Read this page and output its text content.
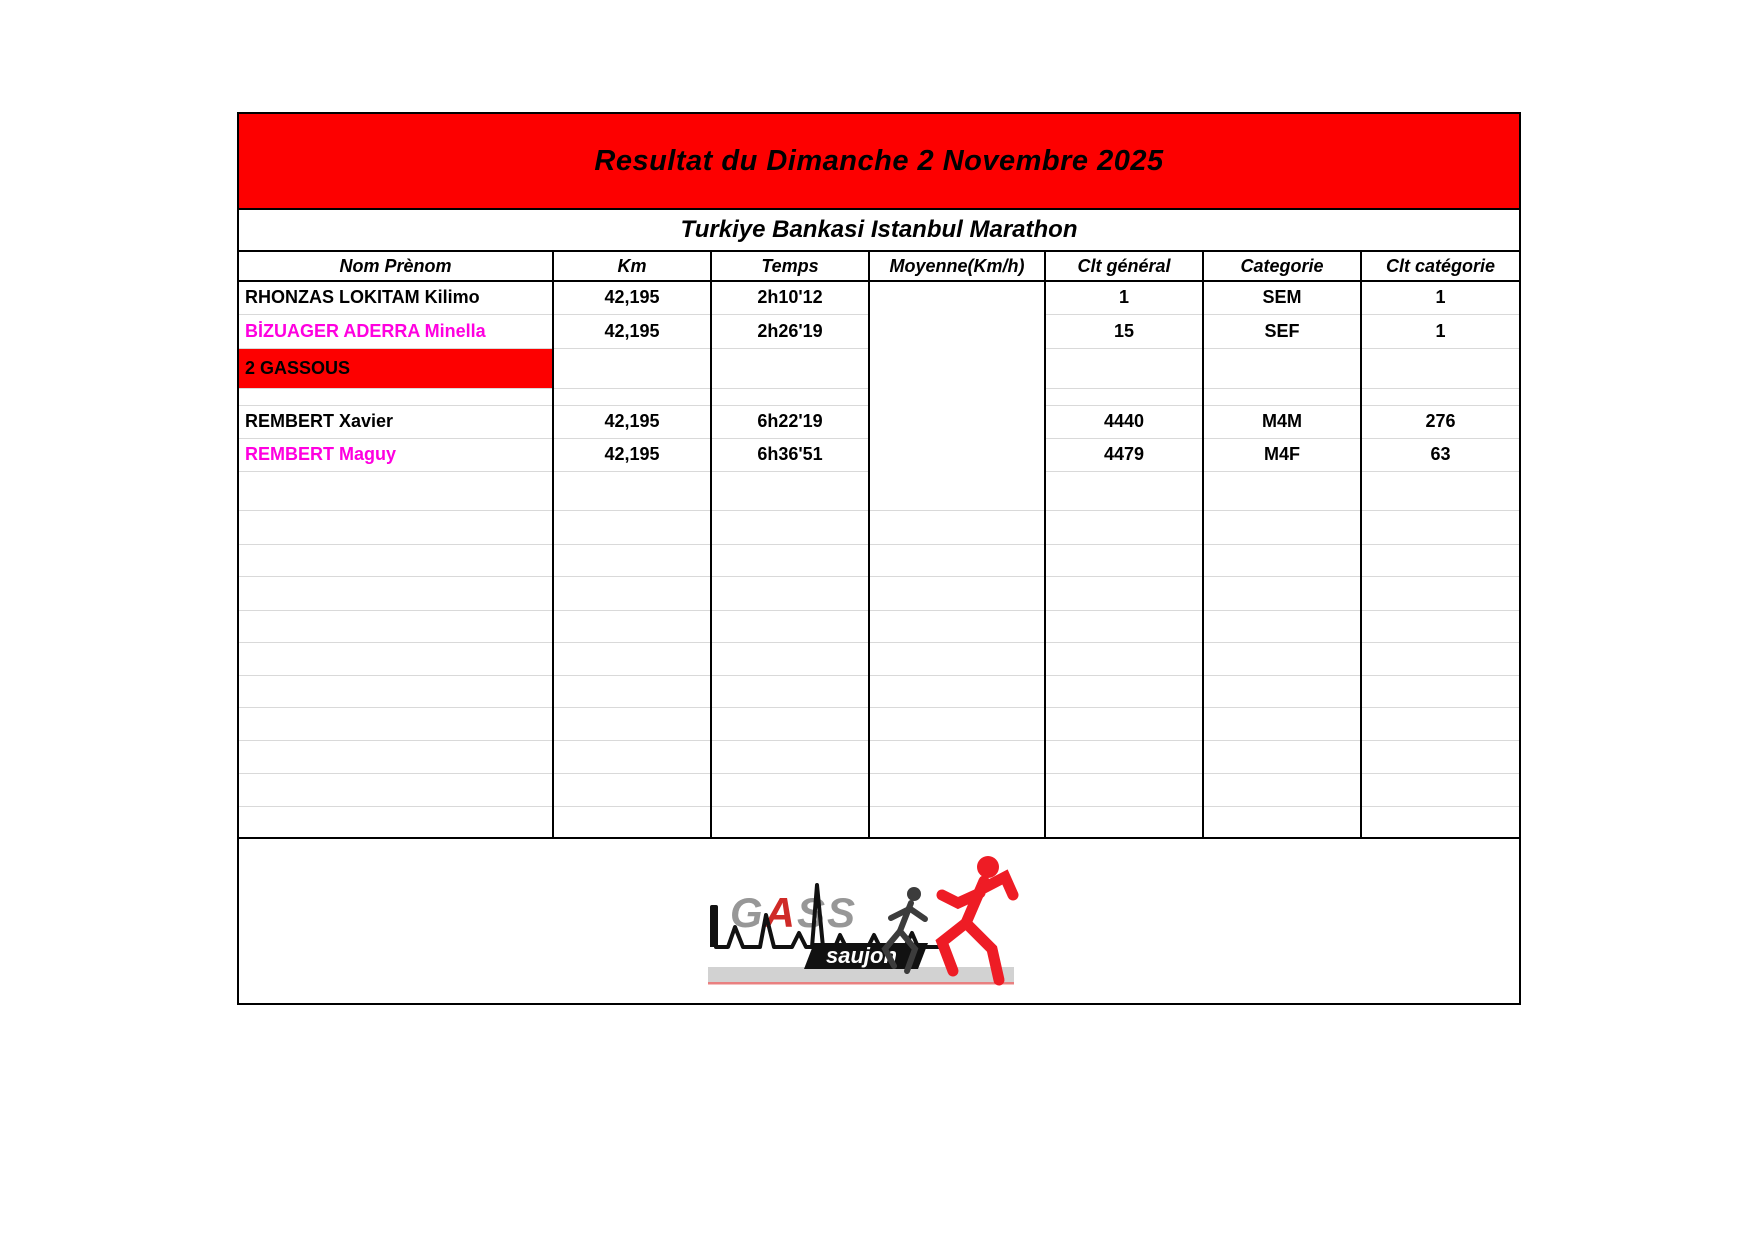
Resultat du Dimanche 2 Novembre 2025
Turkiye Bankasi Istanbul Marathon
Nom Prènom	Km	Temps	Moyenne(Km/h)	Clt général	Categorie	Clt catégorie
RHONZAS LOKITAM Kilimo	42,195	2h10'12		1	SEM	1
BİZUAGER ADERRA Minella	42,195	2h26'19		15	SEF	1
2 GASSOUS						

REMBERT Xavier	42,195	6h22'19		4440	M4M	276
REMBERT Maguy	42,195	6h36'51		4479	M4F	63

GASS
saujon
